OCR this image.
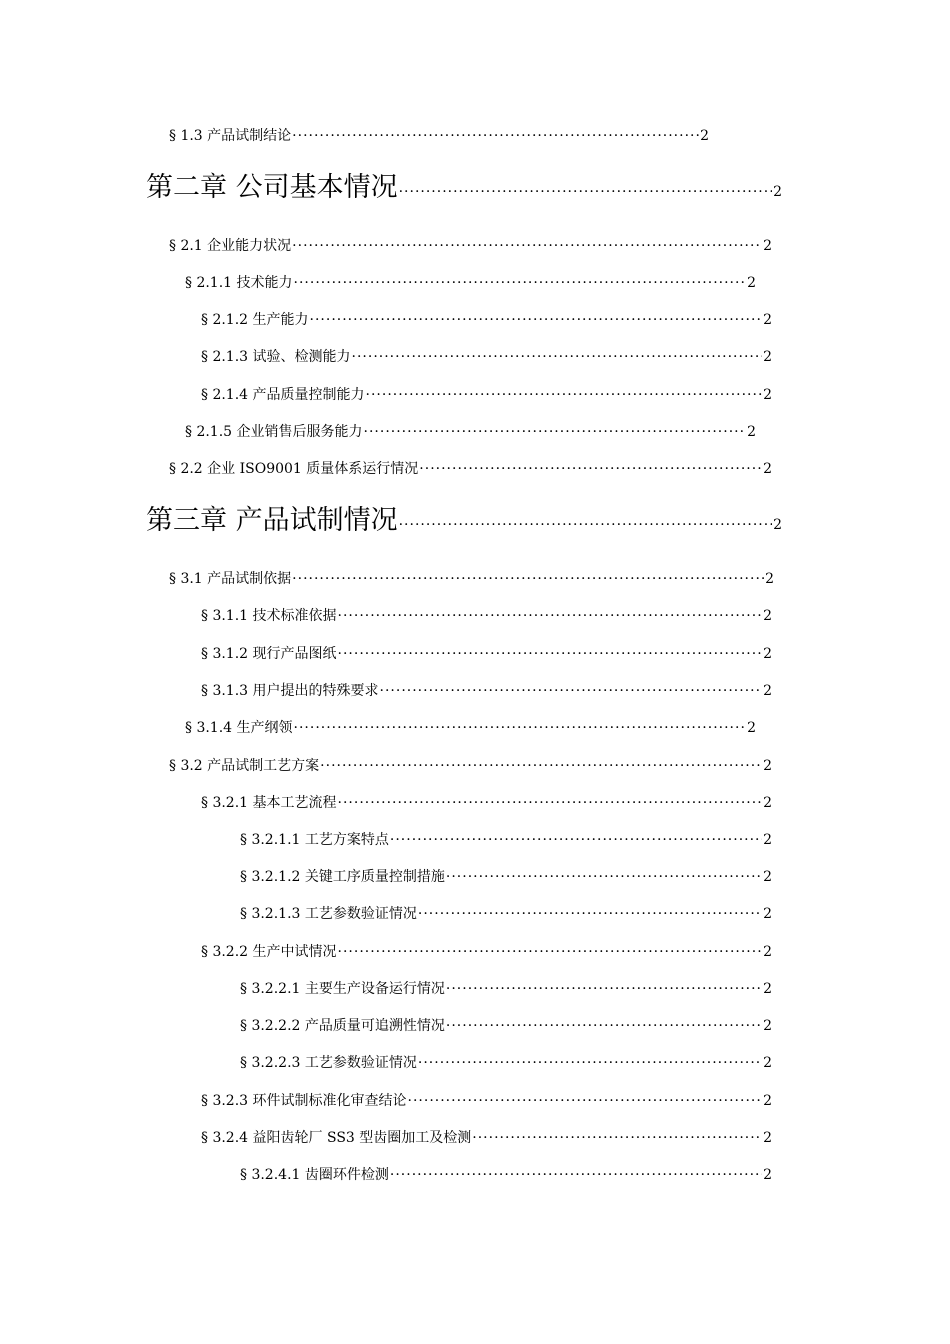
§ 1.3 产品试制结论 ·····	2
第二章 公司基本情况 ·····	2
§ 2.1 企业能力状况 ·····	2
§ 2.1.1 技术能力 ·····	2
§ 2.1.2 生产能力 ·····	2
§ 2.1.3 试验、检测能力 ·····	2
§ 2.1.4 产品质量控制能力 ·····	2
§ 2.1.5 企业销售后服务能力 ·····	2
§ 2.2 企业 ISO9001 质量体系运行情况 ·····	2
第三章 产品试制情况 ·····	2
§ 3.1 产品试制依据 ·····	2
§ 3.1.1 技术标准依据 ·····	2
§ 3.1.2 现行产品图纸 ·····	2
§ 3.1.3 用户提出的特殊要求 ·····	2
§ 3.1.4 生产纲领 ·····	2
§ 3.2 产品试制工艺方案 ·····	2
§ 3.2.1 基本工艺流程 ·····	2
§ 3.2.1.1 工艺方案特点 ·····	2
§ 3.2.1.2 关键工序质量控制措施 ·····	2
§ 3.2.1.3 工艺参数验证情况 ·····	2
§ 3.2.2 生产中试情况 ·····	2
§ 3.2.2.1 主要生产设备运行情况 ·····	2
§ 3.2.2.2 产品质量可追溯性情况 ·····	2
§ 3.2.2.3 工艺参数验证情况 ·····	2
§ 3.2.3 环件试制标准化审查结论 ·····	2
§ 3.2.4 益阳齿轮厂 SS3 型齿圈加工及检测 ·····	2
§ 3.2.4.1 齿圈环件检测 ·····	2
